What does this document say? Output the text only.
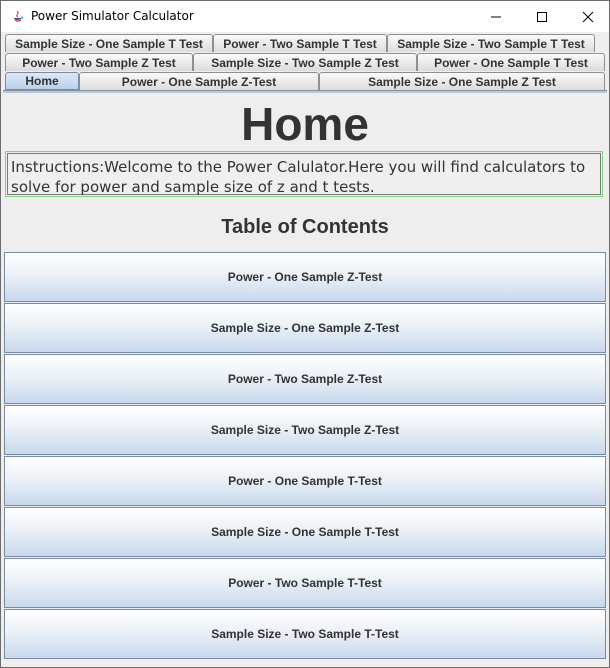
Power Simulator Calculator
Sample Size - One Sample T Test	Power - Two Sample T Test	Sample Size - Two Sample T Test
Power - Two Sample Z Test	Sample Size - Two Sample Z Test	Power - One Sample T Test
Home	Power - One Sample Z-Test	Sample Size - One Sample Z Test
Home
Instructions:Welcome to the Power Calulator.Here you will find calculators to solve for power and sample size of z and t tests.
Table of Contents
Power - One Sample Z-Test
Sample Size - One Sample Z-Test
Power - Two Sample Z-Test
Sample Size - Two Sample Z-Test
Power - One Sample T-Test
Sample Size - One Sample T-Test
Power - Two Sample T-Test
Sample Size - Two Sample T-Test
